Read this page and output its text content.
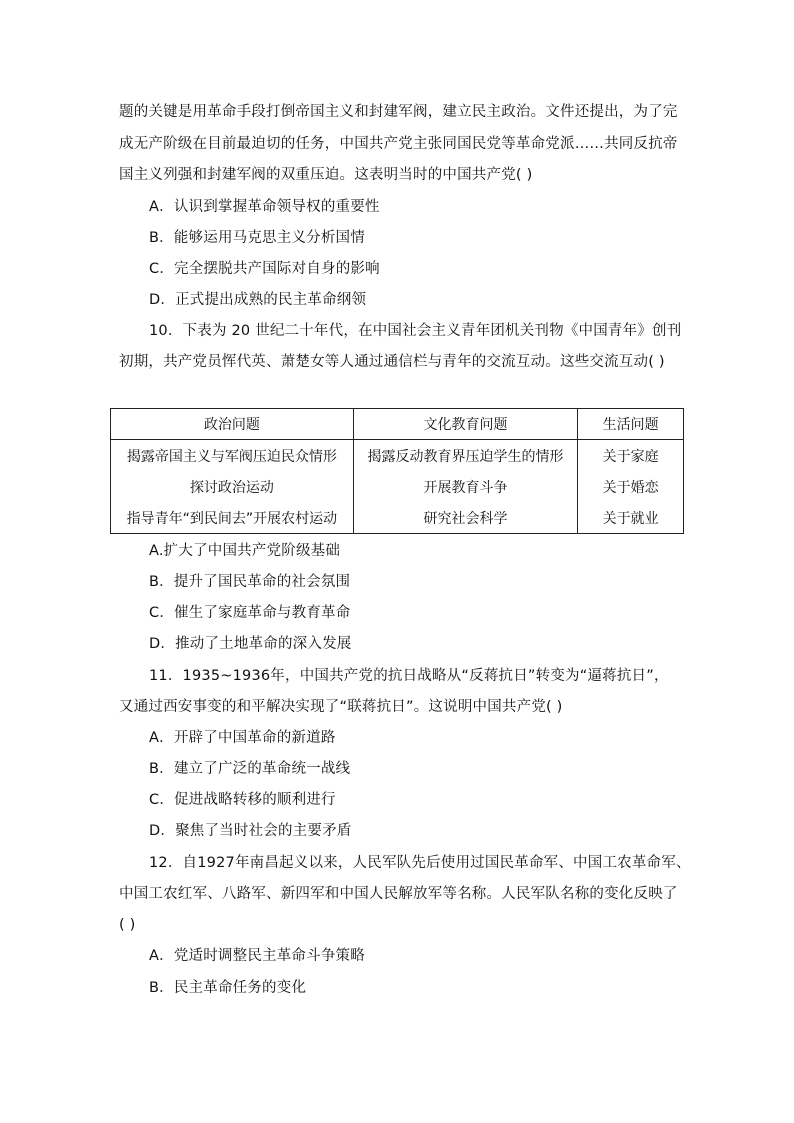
题的关键是用革命手段打倒帝国主义和封建军阀，建立民主政治。文件还提出，为了完
成无产阶级在目前最迫切的任务，中国共产党主张同国民党等革命党派……共同反抗帝
国主义列强和封建军阀的双重压迫。这表明当时的中国共产党( )
A．认识到掌握革命领导权的重要性
B．能够运用马克思主义分析国情
C．完全摆脱共产国际对自身的影响
D．正式提出成熟的民主革命纲领
10．下表为 20 世纪二十年代，在中国社会主义青年团机关刊物《中国青年》创刊
初期，共产党员恽代英、萧楚女等人通过通信栏与青年的交流互动。这些交流互动( )
政治问题	文化教育问题	生活问题
揭露帝国主义与军阀压迫民众情形	揭露反动教育界压迫学生的情形	关于家庭
探讨政治运动	开展教育斗争	关于婚恋
指导青年“到民间去”开展农村运动	研究社会科学	关于就业
A.扩大了中国共产党阶级基础
B．提升了国民革命的社会氛围
C．催生了家庭革命与教育革命
D．推动了土地革命的深入发展
11．1935~1936年，中国共产党的抗日战略从“反蒋抗日”转变为“逼蒋抗日”，
又通过西安事变的和平解决实现了“联蒋抗日”。这说明中国共产党( )
A．开辟了中国革命的新道路
B．建立了广泛的革命统一战线
C．促进战略转移的顺利进行
D．聚焦了当时社会的主要矛盾
12．自1927年南昌起义以来，人民军队先后使用过国民革命军、中国工农革命军、
中国工农红军、八路军、新四军和中国人民解放军等名称。人民军队名称的变化反映了
( )
A．党适时调整民主革命斗争策略
B．民主革命任务的变化
